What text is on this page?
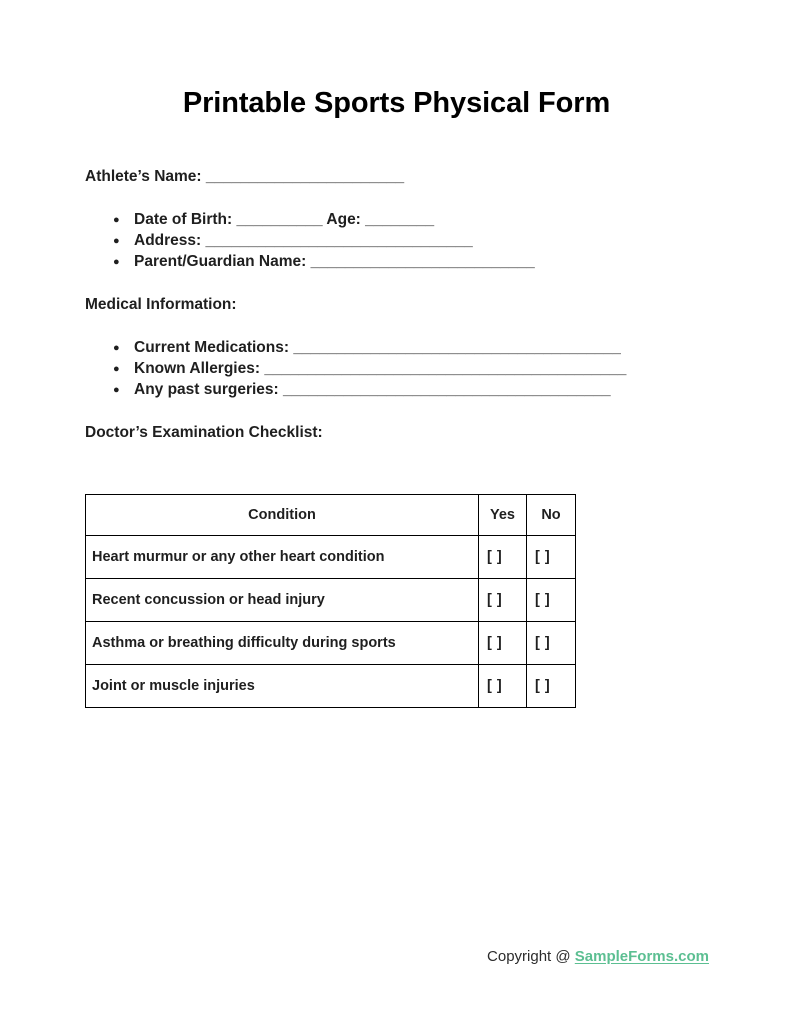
Printable Sports Physical Form

Athlete’s Name: _______________________

● Date of Birth: __________ Age: ________
● Address: _______________________________
● Parent/Guardian Name: __________________________

Medical Information:

● Current Medications: ______________________________________
● Known Allergies: __________________________________________
● Any past surgeries: ______________________________________

Doctor’s Examination Checklist:

Condition	Yes	No
Heart murmur or any other heart condition	[ ]	[ ]
Recent concussion or head injury	[ ]	[ ]
Asthma or breathing difficulty during sports	[ ]	[ ]
Joint or muscle injuries	[ ]	[ ]
Copyright @ SampleForms.com
